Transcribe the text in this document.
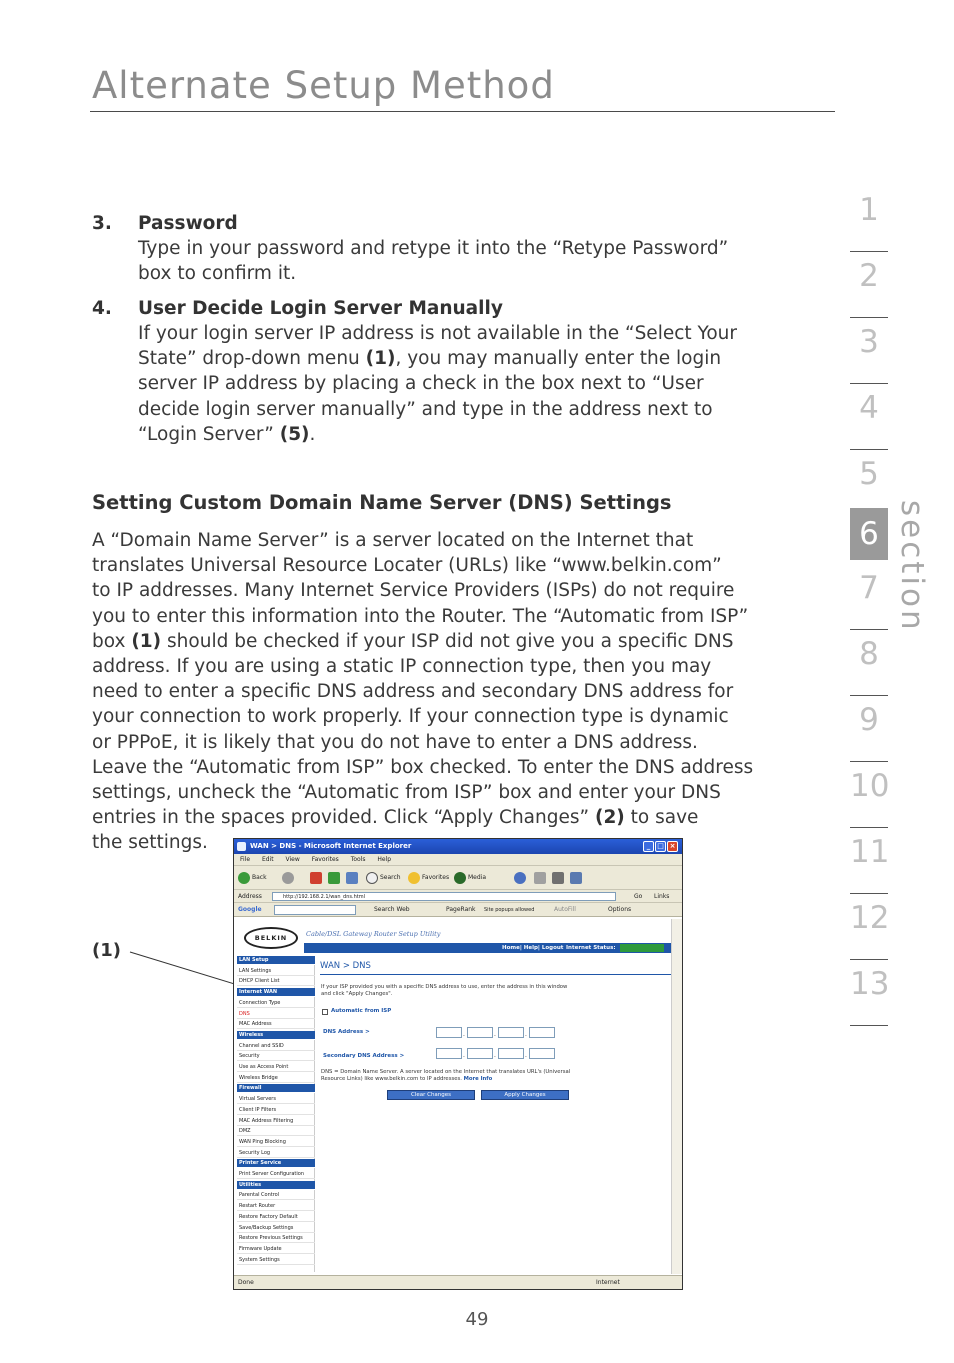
Alternate Setup Method
3. Password
Type in your password and retype it into the “Retype Password”
box to confirm it.
4. User Decide Login Server Manually
If your login server IP address is not available in the “Select Your
State” drop-down menu (1), you may manually enter the login
server IP address by placing a check in the box next to “User
decide login server manually” and type in the address next to
“Login Server” (5).
Setting Custom Domain Name Server (DNS) Settings
A “Domain Name Server” is a server located on the Internet that
translates Universal Resource Locater (URLs) like “www.belkin.com”
to IP addresses. Many Internet Service Providers (ISPs) do not require
you to enter this information into the Router. The “Automatic from ISP”
box (1) should be checked if your ISP did not give you a specific DNS
address. If you are using a static IP connection type, then you may
need to enter a specific DNS address and secondary DNS address for
your connection to work properly. If your connection type is dynamic
or PPPoE, it is likely that you do not have to enter a DNS address.
Leave the “Automatic from ISP” box checked. To enter the DNS address
settings, uncheck the “Automatic from ISP” box and enter your DNS
entries in the spaces provided. Click “Apply Changes” (2) to save
the settings.
1
2
3
4
5
6
7
8
9
10
11
12
13
section
(1)
WAN > DNS - Microsoft Internet Explorer	_ □ ×
File Edit View Favorites Tools Help
Back	Search	Favorites	Media
Address	http://192.168.2.1/wan_dns.html	Go Links
Google	Search Web	PageRank Site popups allowed	AutoFill	Options
BELKIN	Cable/DSL Gateway Router Setup Utility
Home| Help| Logout Internet Status:
LAN Setup
LAN Settings
DHCP Client List
Internet WAN
Connection Type
DNS
MAC Address
Wireless
Channel and SSID
Security
Use as Access Point
Wireless Bridge
Firewall
Virtual Servers
Client IP Filters
MAC Address Filtering
DMZ
WAN Ping Blocking
Security Log
Printer Service
Print Server Configuration
Utilities
Parental Control
Restart Router
Restore Factory Default
Save/Backup Settings
Restore Previous Settings
Firmware Update
System Settings
WAN > DNS
If your ISP provided you with a specific DNS address to use, enter the address in this window
and click "Apply Changes".
Automatic from ISP
DNS Address >	.	.	.
Secondary DNS Address >	.	.	.
DNS = Domain Name Server. A server located on the Internet that translates URL's (Universal
Resource Links) like www.belkin.com to IP addresses. More Info
Clear Changes	Apply Changes
Done	Internet
49
